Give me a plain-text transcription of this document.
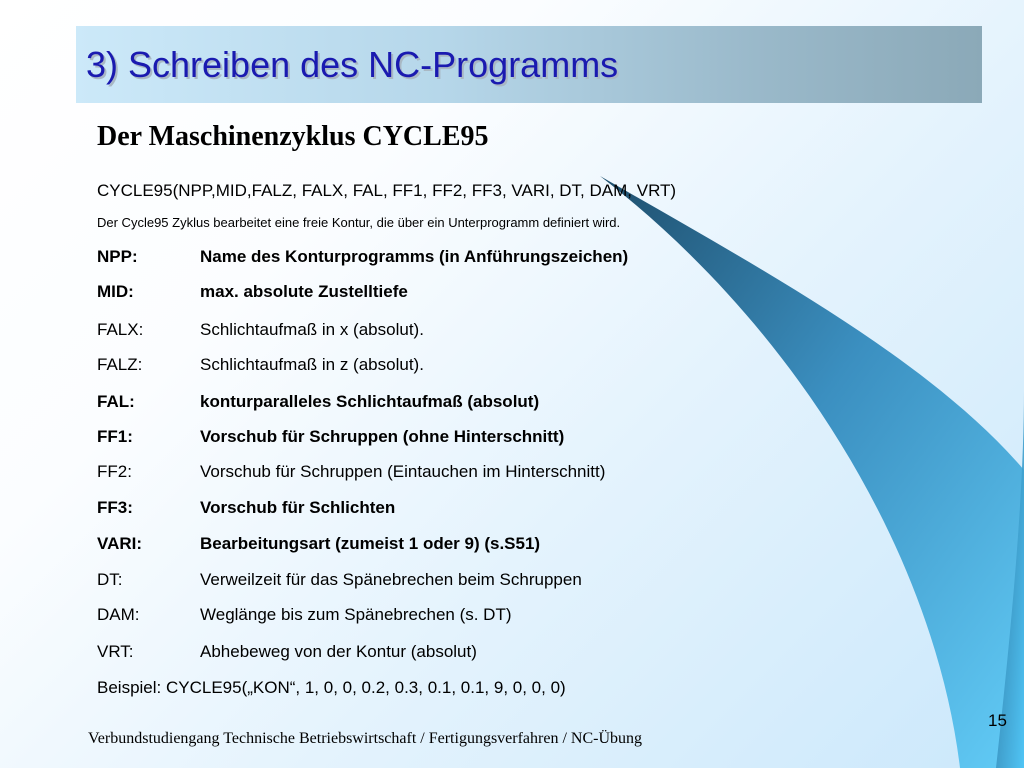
3) Schreiben des NC-Programms
Der Maschinenzyklus CYCLE95
CYCLE95(NPP,MID,FALZ, FALX, FAL, FF1, FF2, FF3, VARI, DT, DAM, VRT)
Der Cycle95 Zyklus bearbeitet eine freie Kontur, die über ein Unterprogramm definiert wird.
NPP:	Name des Konturprogramms (in Anführungszeichen)
MID:	max. absolute Zustelltiefe
FALX:	Schlichtaufmaß in x (absolut).
FALZ:	Schlichtaufmaß in z (absolut).
FAL:	konturparalleles Schlichtaufmaß (absolut)
FF1:	Vorschub für Schruppen (ohne Hinterschnitt)
FF2:	Vorschub für Schruppen (Eintauchen im Hinterschnitt)
FF3:	Vorschub für Schlichten
VARI:	Bearbeitungsart (zumeist 1 oder 9) (s.S51)
DT:	Verweilzeit für das Spänebrechen beim Schruppen
DAM:	Weglänge bis zum Spänebrechen (s. DT)
VRT:	Abhebeweg von der Kontur (absolut)
Beispiel: CYCLE95(„KON“, 1, 0, 0, 0.2, 0.3, 0.1, 0.1, 9, 0, 0, 0)
15
Verbundstudiengang Technische Betriebswirtschaft / Fertigungsverfahren / NC-Übung
